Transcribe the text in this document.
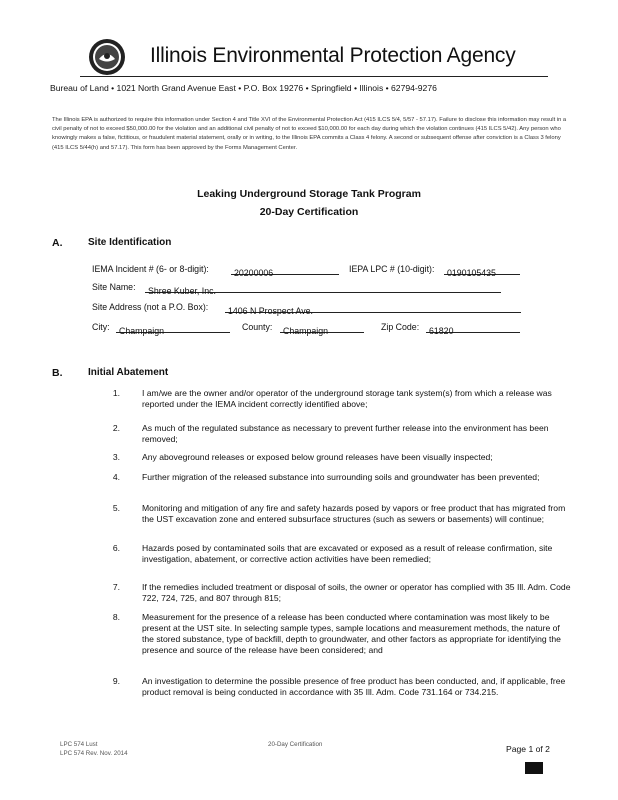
Illinois Environmental Protection Agency
Bureau of Land • 1021 North Grand Avenue East • P.O. Box 19276 • Springfield • Illinois • 62794-9276
The Illinois EPA is authorized to require this information under Section 4 and Title XVI of the Environmental Protection Act (415 ILCS 5/4, 5/57 - 57.17). Failure to disclose this information may result in a civil penalty of not to exceed $50,000.00 for the violation and an additional civil penalty of not to exceed $10,000.00 for each day during which the violation continues (415 ILCS 5/42). Any person who knowingly makes a false, fictitious, or fraudulent material statement, orally or in writing, to the Illinois EPA commits a Class 4 felony. A second or subsequent offense after conviction is a Class 3 felony (415 ILCS 5/44(h) and 57.17). This form has been approved by the Forms Management Center.
Leaking Underground Storage Tank Program
20-Day Certification
A.	Site Identification
IEMA Incident # (6- or 8-digit):	20200006	IEPA LPC # (10-digit):	0190105435
Site Name:	Shree Kuber, Inc.
Site Address (not a P.O. Box):	1406 N Prospect Ave.
City:	Champaign	County:	Champaign	Zip Code:	61820
B.	Initial Abatement
1.	I am/we are the owner and/or operator of the underground storage tank system(s) from which a release was reported under the IEMA incident correctly identified above;
2.	As much of the regulated substance as necessary to prevent further release into the environment has been removed;
3.	Any aboveground releases or exposed below ground releases have been visually inspected;
4.	Further migration of the released substance into surrounding soils and groundwater has been prevented;
5.	Monitoring and mitigation of any fire and safety hazards posed by vapors or free product that has migrated from the UST excavation zone and entered subsurface structures (such as sewers or basements) will continue;
6.	Hazards posed by contaminated soils that are excavated or exposed as a result of release confirmation, site investigation, abatement, or corrective action activities have been remedied;
7.	If the remedies included treatment or disposal of soils, the owner or operator has complied with 35 Ill. Adm. Code 722, 724, 725, and 807 through 815;
8.	Measurement for the presence of a release has been conducted where contamination was most likely to be present at the UST site. In selecting sample types, sample locations and measurement methods, the nature of the stored substance, type of backfill, depth to groundwater, and other factors as appropriate for identifying the presence and source of the release have been considered; and
9.	An investigation to determine the possible presence of free product has been conducted, and, if applicable, free product removal is being conducted in accordance with 35 Ill. Adm. Code 731.164 or 734.215.
LPC 574 Lust
LPC 574 Rev. Nov. 2014
20-Day Certification	Page 1 of 2
